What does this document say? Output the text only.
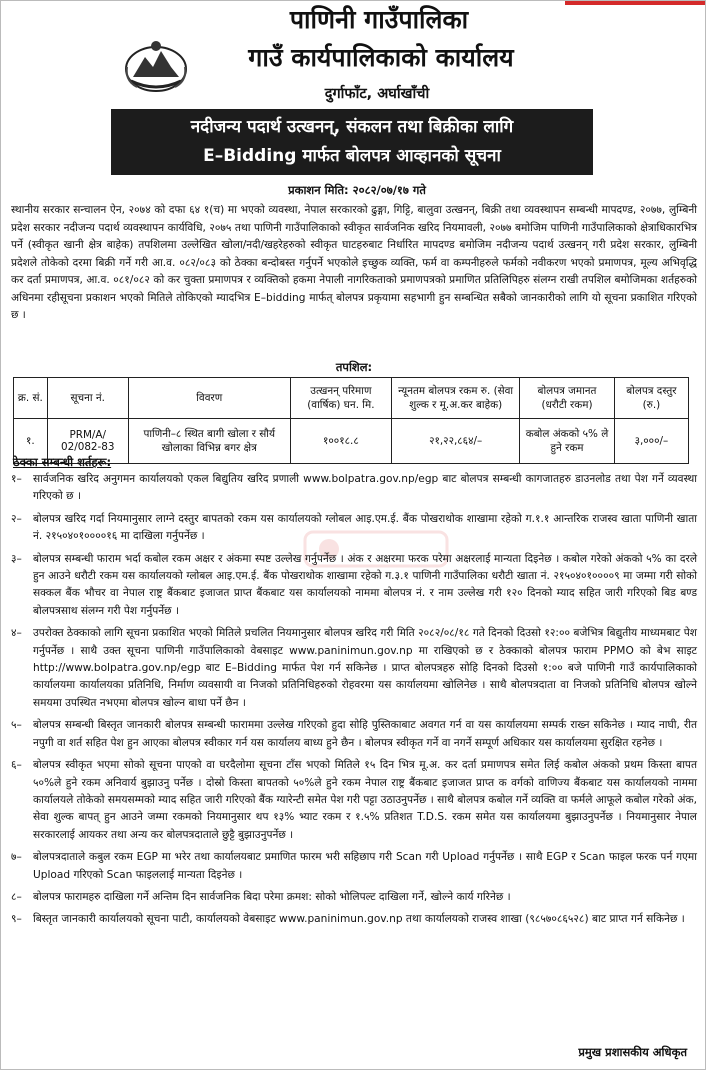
पाणिनी गाउँपालिका
गाउँ कार्यपालिकाको कार्यालय
दुर्गाफाँट, अर्घाखाँची
नदीजन्य पदार्थ उत्खनन्, संकलन तथा बिक्रीका लागि
E–Bidding मार्फत बोलपत्र आव्हानको सूचना
प्रकाशन मिति: २०८२/०७/१७ गते
स्थानीय सरकार सन्चालन ऐन, २०७४ को दफा ६४ १(च) मा भएको व्यवस्था, नेपाल सरकारको ढुङ्गा, गिट्टि, बालुवा उत्खनन्, बिक्री तथा व्यवस्थापन सम्बन्धी मापदण्ड, २०७७, लुम्बिनी प्रदेश सरकार नदीजन्य पदार्थ व्यवस्थापन कार्यविधि, २०७५ तथा पाणिनी गाउँपालिकाको स्वीकृत सार्वजनिक खरिद नियमावली, २०७७ बमोजिम पाणिनी गाउँपालिकाको क्षेत्राधिकारभित्र पर्ने (स्वीकृत खानी क्षेत्र बाहेक) तपशिलमा उल्लेखित खोला/नदी/खहरेहरुको स्वीकृत घाटहरुबाट निर्धारित मापदण्ड बमोजिम नदीजन्य पदार्थ उत्खनन् गरी प्रदेश सरकार, लुम्बिनी प्रदेशले तोकेको दरमा बिक्री गर्ने गरी आ.व. ०८२/०८३ को ठेक्का बन्दोबस्त गर्नुपर्ने भएकोले इच्छुक व्यक्ति, फर्म वा कम्पनीहरुले फर्मको नवीकरण भएको प्रमाणपत्र, मूल्य अभिवृद्धि कर दर्ता प्रमाणपत्र, आ.व. ०८१/०८२ को कर चुक्ता प्रमाणपत्र र व्यक्तिको हकमा नेपाली नागरिकताको प्रमाणपत्रको प्रमाणित प्रतिलिपिहरु संलग्न राखी तपशिल बमोजिमका शर्तहरुको अधिनमा रहीसूचना प्रकाशन भएको मितिले तोकिएको म्यादभित्र E–bidding मार्फत् बोलपत्र प्रकृयामा सहभागी हुन सम्बन्धित सबैको जानकारीको लागि यो सूचना प्रकाशित गरिएको छ ।
तपशिल:
क्र. सं.	सूचना नं.	विवरण	उत्खनन् परिमाण (वार्षिक) घन. मि.	न्यूनतम बोलपत्र रकम रु. (सेवा शुल्क र मू.अ.कर बाहेक)	बोलपत्र जमानत (धरौटी रकम)	बोलपत्र दस्तुर (रु.)
१.	PRM/A/ 02/082-83	पाणिनी–८ स्थित बागी खोला र सौर्य खोलाका विभिन्न बगर क्षेत्र	१००१८.८	२१,२२,८६४/–	कबोल अंकको ५% ले हुने रकम	३,०००/–
ठेक्का सम्बन्धी शर्तहरू:
१– सार्वजनिक खरिद अनुगमन कार्यालयको एकल बिद्युतिय खरिद प्रणाली www.bolpatra.gov.np/egp बाट बोलपत्र सम्बन्धी कागजातहरु डाउनलोड तथा पेश गर्ने व्यवस्था गरिएको छ ।
२– बोलपत्र खरिद गर्दा नियमानुसार लाग्ने दस्तुर बापतको रकम यस कार्यालयको ग्लोबल आइ.एम.ई. बैंक पोखराथोक शाखामा रहेको ग.१.१ आन्तरिक राजस्व खाता पाणिनी खाता नं. २१५०४०१००००१६ मा दाखिला गर्नुपर्नेछ ।
३– बोलपत्र सम्बन्धी फाराम भर्दा कबोल रकम अक्षर र अंकमा स्पष्ट उल्लेख गर्नुपर्नेछ । अंक र अक्षरमा फरक परेमा अक्षरलाई मान्यता दिइनेछ । कबोल गरेको अंकको ५% का दरले हुन आउने धरौटी रकम यस कार्यालयको ग्लोबल आइ.एम.ई. बैंक पोखराथोक शाखामा रहेको ग.३.१ पाणिनी गाउँपालिका धरौटी खाता नं. २१५०४०१००००९ मा जम्मा गरी सोको सक्कल बैंक भौचर वा नेपाल राष्ट्र बैंकबाट इजाजत प्राप्त बैंकबाट यस कार्यालयको नाममा बोलपत्र नं. र नाम उल्लेख गरी १२० दिनको म्याद सहित जारी गरिएको बिड बण्ड बोलपत्रसाथ संलग्न गरी पेश गर्नुपर्नेछ ।
४– उपरोक्त ठेक्काको लागि सूचना प्रकाशित भएको मितिले प्रचलित नियमानुसार बोलपत्र खरिद गरी मिति २०८२/०८/१८ गते दिनको दिउसो १२:०० बजेभित्र बिद्युतीय माध्यमबाट पेश गर्नुपर्नेछ । साथै उक्त सूचना पाणिनी गाउँपालिकाको वेबसाइट www.paninimun.gov.np मा राखिएको छ र ठेक्काको बोलपत्र फाराम PPMO को बेभ साइट http://www.bolpatra.gov.np/egp बाट E–Bidding मार्फत पेश गर्न सकिनेछ । प्राप्त बोलपत्रहरु सोहि दिनको दिउसो १:०० बजे पाणिनी गाउँ कार्यपालिकाको कार्यालयमा कार्यालयका प्रतिनिधि, निर्माण व्यवसायी वा निजको प्रतिनिधिहरुको रोहवरमा यस कार्यालयमा खोलिनेछ । साथै बोलपत्रदाता वा निजको प्रतिनिधि बोलपत्र खोल्ने समयमा उपस्थित नभएमा बोलपत्र खोल्न बाधा पर्ने छैन ।
५– बोलपत्र सम्बन्धी बिस्तृत जानकारी बोलपत्र सम्बन्धी फाराममा उल्लेख गरिएको हुदा सोहि पुस्तिकाबाट अवगत गर्न वा यस कार्यालयमा सम्पर्क राख्न सकिनेछ । म्याद नाघी, रीत नपुगी वा शर्त सहित पेश हुन आएका बोलपत्र स्वीकार गर्न यस कार्यालय बाध्य हुने छैन । बोलपत्र स्वीकृत गर्ने वा नगर्ने सम्पूर्ण अधिकार यस कार्यालयमा सुरक्षित रहनेछ ।
६– बोलपत्र स्वीकृत भएमा सोको सूचना पाएको वा घरदैलोमा सूचना टाँस भएको मितिले १५ दिन भित्र मू.अ. कर दर्ता प्रमाणपत्र समेत लिई कबोल अंकको प्रथम किस्ता बापत ५०%ले हुने रकम अनिवार्य बुझाउनु पर्नेछ । दोस्रो किस्ता बापतको ५०%ले हुने रकम नेपाल राष्ट्र बैंकबाट इजाजत प्राप्त क वर्गको वाणिज्य बैंकबाट यस कार्यालयको नाममा कार्यालयले तोकेको समयसम्मको म्याद सहित जारी गरिएको बैंक ग्यारेन्टी समेत पेश गरी पट्टा उठाउनुपर्नेछ । साथै बोलपत्र कबोल गर्ने व्यक्ति वा फर्मले आफूले कबोल गरेको अंक, सेवा शुल्क बापत् हुन आउने जम्मा रकमको नियमानुसार थप १३% भ्याट रकम र १.५% प्रतिशत T.D.S. रकम समेत यस कार्यालयमा बुझाउनुपर्नेछ । नियमानुसार नेपाल सरकारलाई आयकर तथा अन्य कर बोलपत्रदाताले छुट्टै बुझाउनुपर्नेछ ।
७– बोलपत्रदाताले कबुल रकम EGP मा भरेर तथा कार्यालयबाट प्रमाणित फारम भरी सहिछाप गरी Scan गरी Upload गर्नुपर्नेछ । साथै EGP र Scan फाइल फरक पर्न गएमा Upload गरिएको Scan फाइललाई मान्यता दिइनेछ ।
८– बोलपत्र फारामहरु दाखिला गर्ने अन्तिम दिन सार्वजनिक बिदा परेमा क्रमश: सोको भोलिपल्ट दाखिला गर्ने, खोल्ने कार्य गरिनेछ ।
९– बिस्तृत जानकारी कार्यालयको सूचना पाटी, कार्यालयको वेबसाइट www.paninimun.gov.np तथा कार्यालयको राजस्व शाखा (९८५७०८६५२८) बाट प्राप्त गर्न सकिनेछ ।
प्रमुख प्रशासकीय अधिकृत
